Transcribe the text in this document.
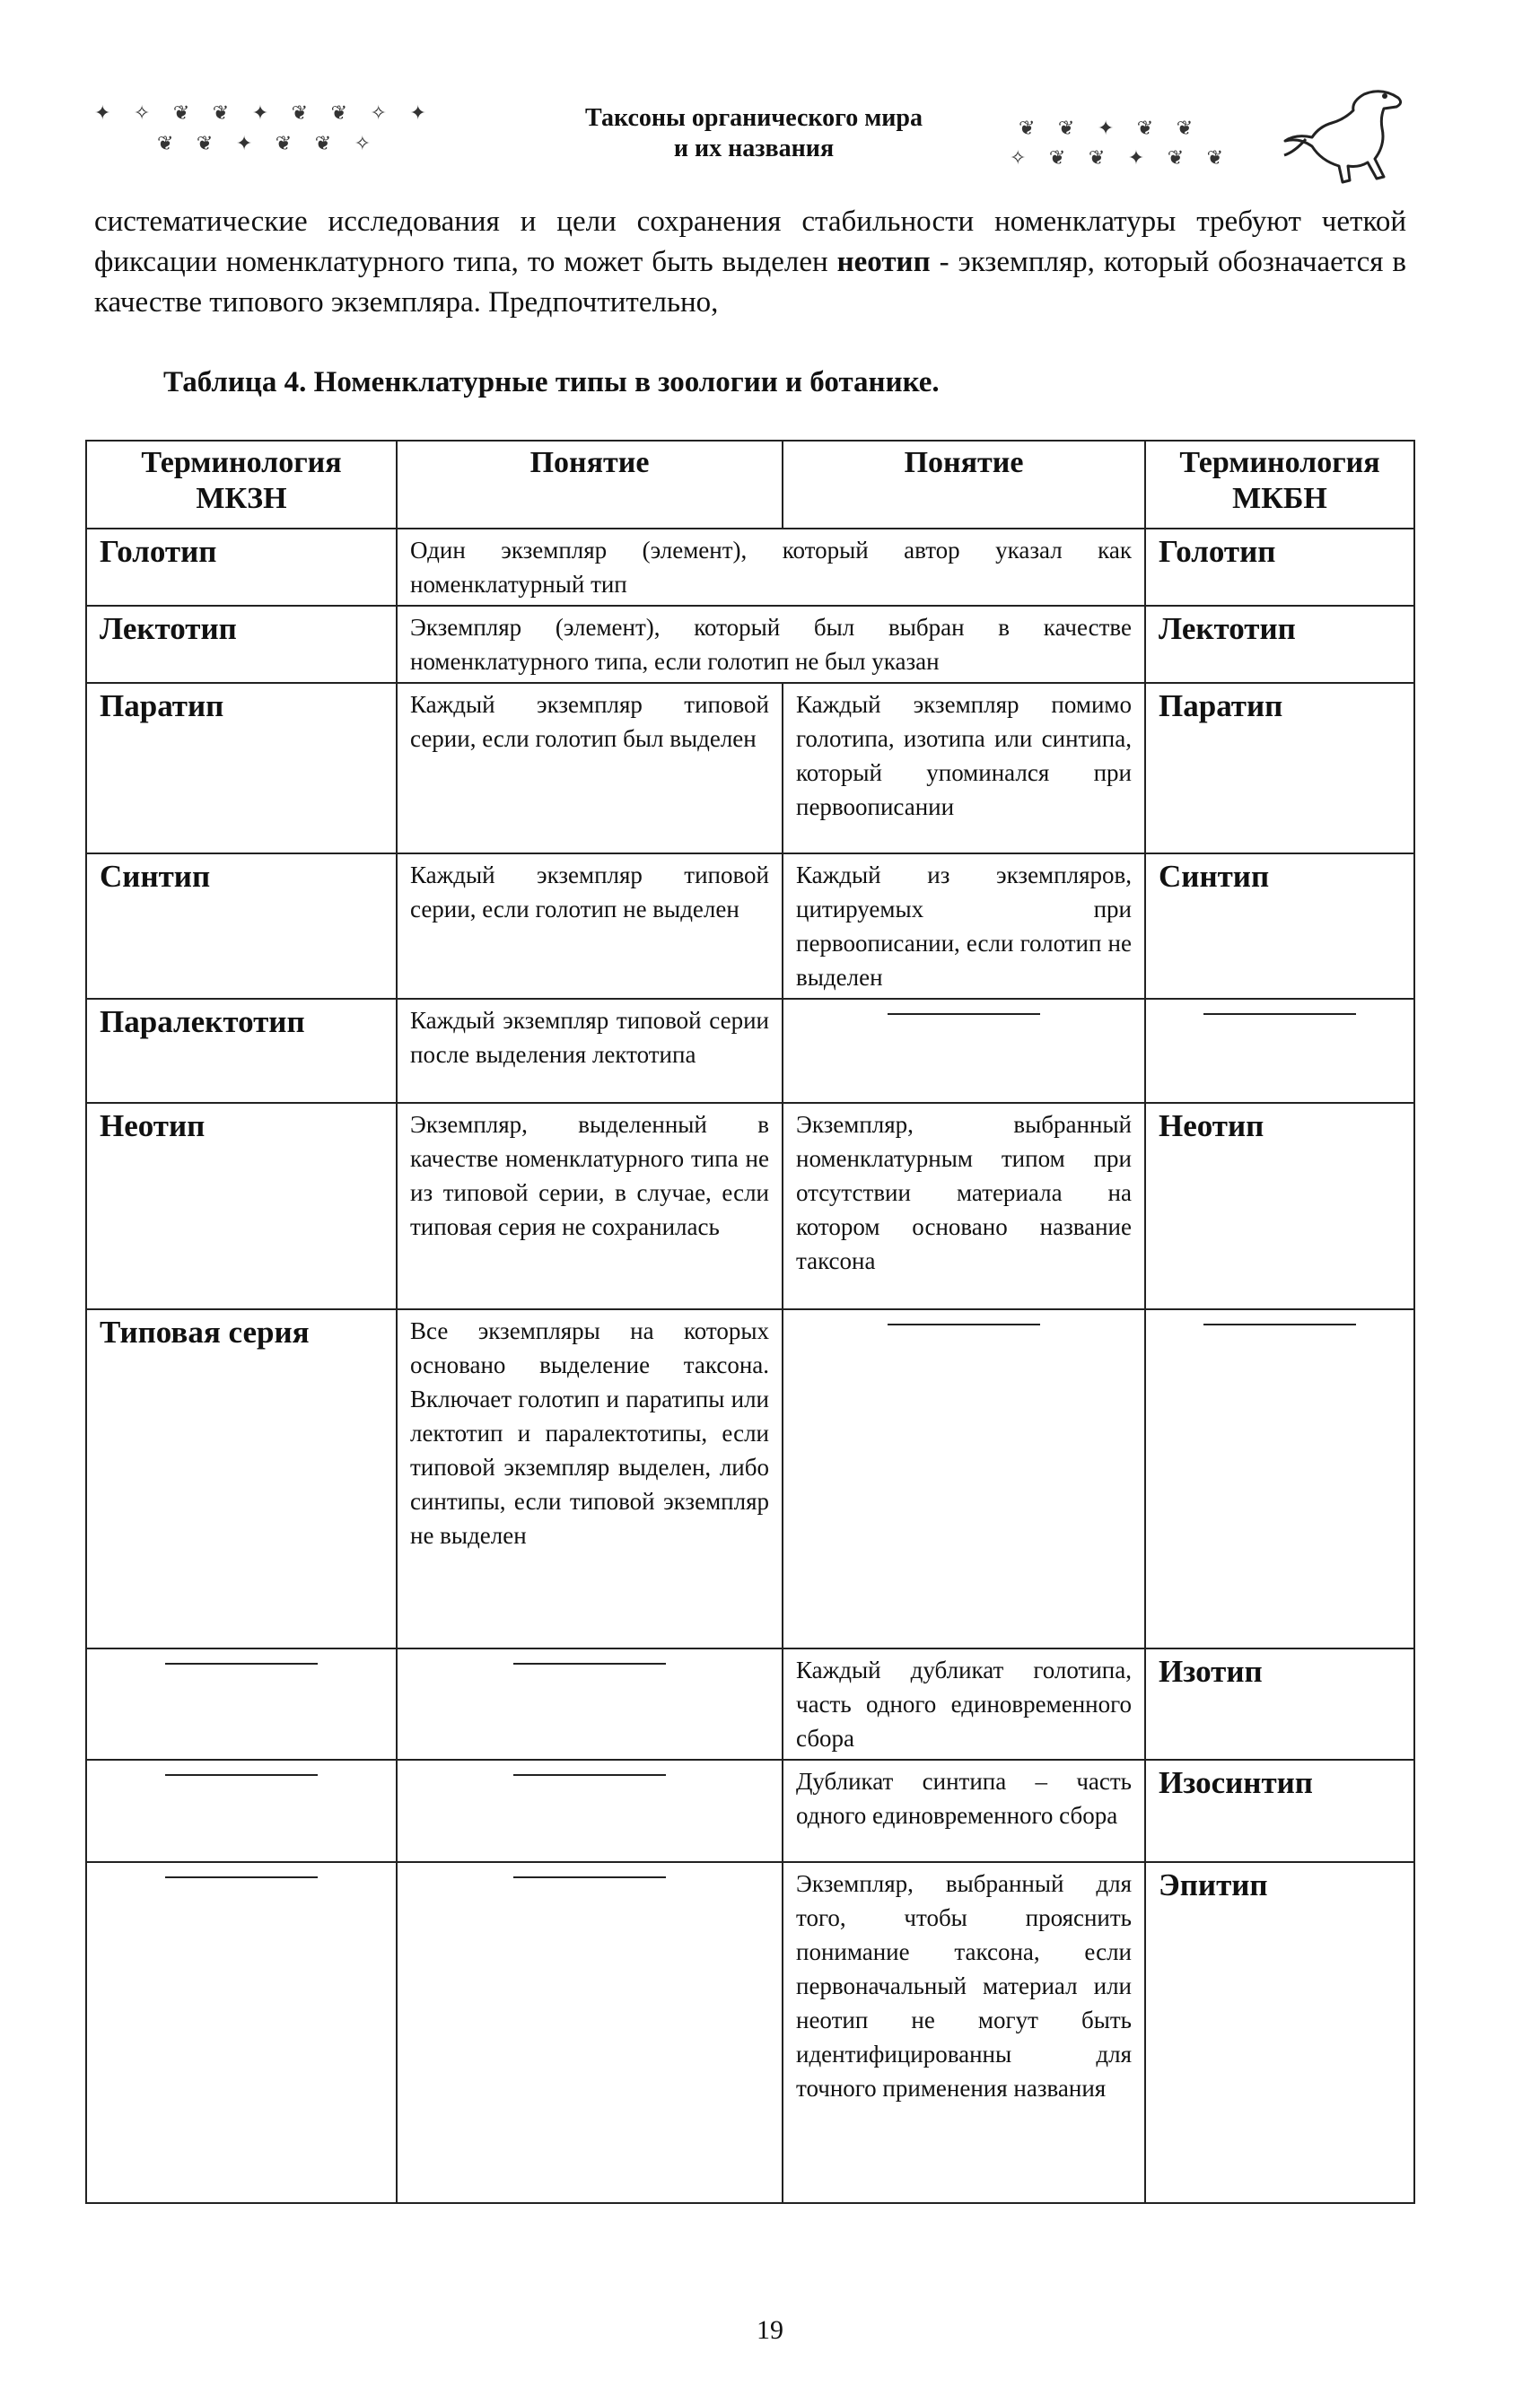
✦ ✧ ❦ ❦ ✦ ❦ ❦ ✧ ✦
❦ ❦ ✦ ❦ ❦ ✧
Таксоны органического мира
и их названия
❦ ❦ ✦ ❦ ❦
✧ ❦ ❦ ✦ ❦ ❦

систематические исследования и цели сохранения стабильности номенклатуры требуют четкой фиксации номенклатурного типа, то может быть выделен неотип - экземпляр, который обозначается в качестве типового экземпляра. Предпочтительно,

Таблица 4. Номенклатурные типы в зоологии и ботанике.
Терминология МКЗН	Понятие	Понятие	Терминология МКБН
Голотип	Один экземпляр (элемент), который автор указал как номенклатурный тип		Голотип
Лектотип	Экземпляр (элемент), который был выбран в качестве номенклатурного типа, если голотип не был указан		Лектотип
Паратип	Каждый экземпляр типовой серии, если голотип был выделен	Каждый экземпляр помимо голотипа, изотипа или синтипа, который упоминался при первоописании	Паратип
Синтип	Каждый экземпляр типовой серии, если голотип не выделен	Каждый из экземпляров, цитируемых при первоописании, если голотип не выделен	Синтип
Паралектотип	Каждый экземпляр типовой серии после выделения лектотипа		
Неотип	Экземпляр, выделенный в качестве номенклатурного типа не из типовой серии, в случае, если типовая серия не сохранилась	Экземпляр, выбранный номенклатурным типом при отсутствии материала на котором основано название таксона	Неотип
Типовая серия	Все экземпляры на которых основано выделение таксона. Включает голотип и паратипы или лектотип и паралектотипы, если типовой экземпляр выделен, либо синтипы, если типовой экземпляр не выделен		
		Каждый дубликат голотипа, часть одного единовременного сбора	Изотип
		Дубликат синтипа – часть одного единовременного сбора	Изосинтип
		Экземпляр, выбранный для того, чтобы прояснить понимание таксона, если первоначальный материал или неотип не могут быть идентифицированны для точного применения названия	Эпитип
19
